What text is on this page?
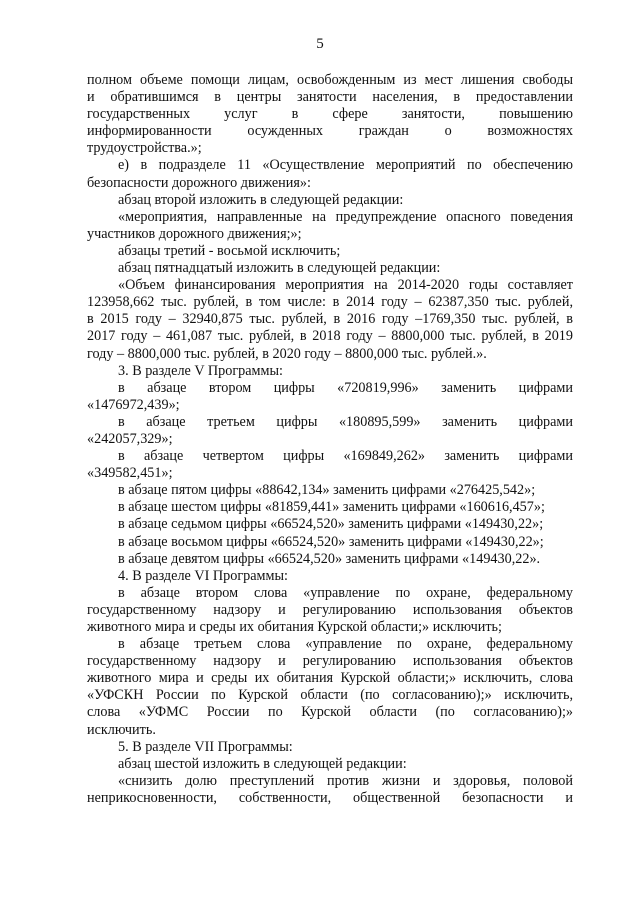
5
полном объеме помощи лицам, освобожденным из мест лишения свободы
и обратившимся в центры занятости населения, в предоставлении
государственных услуг в сфере занятости, повышению
информированности осужденных граждан о возможностях
трудоустройства.»;
е) в подразделе 11 «Осуществление мероприятий по обеспечению
безопасности дорожного движения»:
абзац второй изложить в следующей редакции:
«мероприятия, направленные на предупреждение опасного поведения
участников дорожного движения;»;
абзацы третий - восьмой исключить;
абзац пятнадцатый изложить в следующей редакции:
«Объем финансирования мероприятия на 2014-2020 годы составляет
123958,662 тыс. рублей, в том числе: в 2014 году – 62387,350 тыс. рублей,
в 2015 году – 32940,875 тыс. рублей, в 2016 году –1769,350 тыс. рублей, в
2017 году – 461,087 тыс. рублей, в 2018 году – 8800,000 тыс. рублей, в 2019
году – 8800,000 тыс. рублей, в 2020 году – 8800,000 тыс. рублей.».
3. В разделе V Программы:
в абзаце втором цифры «720819,996» заменить цифрами
«1476972,439»;
в абзаце третьем цифры «180895,599» заменить цифрами
«242057,329»;
в абзаце четвертом цифры «169849,262» заменить цифрами
«349582,451»;
в абзаце пятом цифры «88642,134» заменить цифрами «276425,542»;
в абзаце шестом цифры «81859,441» заменить цифрами «160616,457»;
в абзаце седьмом цифры «66524,520» заменить цифрами «149430,22»;
в абзаце восьмом цифры «66524,520» заменить цифрами «149430,22»;
в абзаце девятом цифры «66524,520» заменить цифрами «149430,22».
4. В разделе VI Программы:
в абзаце втором слова «управление по охране, федеральному
государственному надзору и регулированию использования объектов
животного мира и среды их обитания Курской области;» исключить;
в абзаце третьем слова «управление по охране, федеральному
государственному надзору и регулированию использования объектов
животного мира и среды их обитания Курской области;» исключить, слова
«УФСКН России по Курской области (по согласованию);» исключить,
слова «УФМС России по Курской области (по согласованию);»
исключить.
5. В разделе VII Программы:
абзац шестой изложить в следующей редакции:
«снизить долю преступлений против жизни и здоровья, половой
неприкосновенности, собственности, общественной безопасности и
